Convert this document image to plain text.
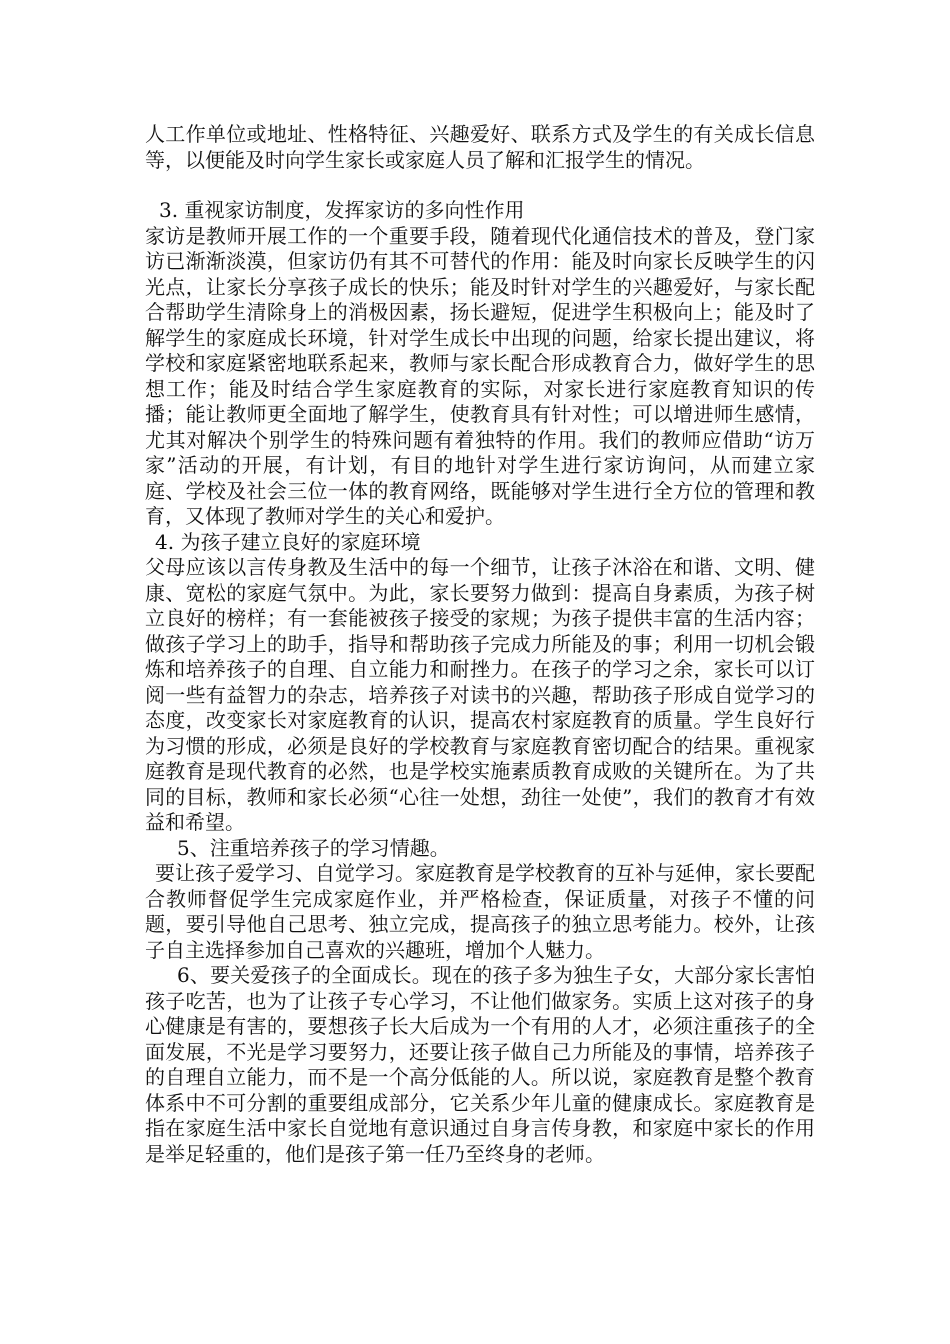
人工作单位或地址、性格特征、兴趣爱好、联系方式及学生的有关成长信息等，以便能及时向学生家长或家庭人员了解和汇报学生的情况。

3. 重视家访制度，发挥家访的多向性作用

家访是教师开展工作的一个重要手段，随着现代化通信技术的普及，登门家访已渐渐淡漠，但家访仍有其不可替代的作用：能及时向家长反映学生的闪光点，让家长分享孩子成长的快乐；能及时针对学生的兴趣爱好，与家长配合帮助学生清除身上的消极因素，扬长避短，促进学生积极向上；能及时了解学生的家庭成长环境，针对学生成长中出现的问题，给家长提出建议，将学校和家庭紧密地联系起来，教师与家长配合形成教育合力，做好学生的思想工作；能及时结合学生家庭教育的实际，对家长进行家庭教育知识的传播；能让教师更全面地了解学生，使教育具有针对性；可以增进师生感情，尤其对解决个别学生的特殊问题有着独特的作用。我们的教师应借助“访万家”活动的开展，有计划，有目的地针对学生进行家访询问，从而建立家庭、学校及社会三位一体的教育网络，既能够对学生进行全方位的管理和教育，又体现了教师对学生的关心和爱护。

4. 为孩子建立良好的家庭环境

父母应该以言传身教及生活中的每一个细节，让孩子沐浴在和谐、文明、健康、宽松的家庭气氛中。为此，家长要努力做到：提高自身素质，为孩子树立良好的榜样；有一套能被孩子接受的家规；为孩子提供丰富的生活内容；做孩子学习上的助手，指导和帮助孩子完成力所能及的事；利用一切机会锻炼和培养孩子的自理、自立能力和耐挫力。在孩子的学习之余，家长可以订阅一些有益智力的杂志，培养孩子对读书的兴趣，帮助孩子形成自觉学习的态度，改变家长对家庭教育的认识，提高农村家庭教育的质量。学生良好行为习惯的形成，必须是良好的学校教育与家庭教育密切配合的结果。重视家庭教育是现代教育的必然，也是学校实施素质教育成败的关键所在。为了共同的目标，教师和家长必须“心往一处想，劲往一处使”，我们的教育才有效益和希望。

5、注重培养孩子的学习情趣。

要让孩子爱学习、自觉学习。家庭教育是学校教育的互补与延伸，家长要配合教师督促学生完成家庭作业，并严格检查，保证质量，对孩子不懂的问题，要引导他自己思考、独立完成，提高孩子的独立思考能力。校外，让孩子自主选择参加自己喜欢的兴趣班，增加个人魅力。

6、要关爱孩子的全面成长。现在的孩子多为独生子女，大部分家长害怕孩子吃苦，也为了让孩子专心学习，不让他们做家务。实质上这对孩子的身心健康是有害的，要想孩子长大后成为一个有用的人才，必须注重孩子的全面发展，不光是学习要努力，还要让孩子做自己力所能及的事情，培养孩子的自理自立能力，而不是一个高分低能的人。所以说，家庭教育是整个教育体系中不可分割的重要组成部分，它关系少年儿童的健康成长。家庭教育是指在家庭生活中家长自觉地有意识通过自身言传身教，和家庭中家长的作用是举足轻重的，他们是孩子第一任乃至终身的老师。
